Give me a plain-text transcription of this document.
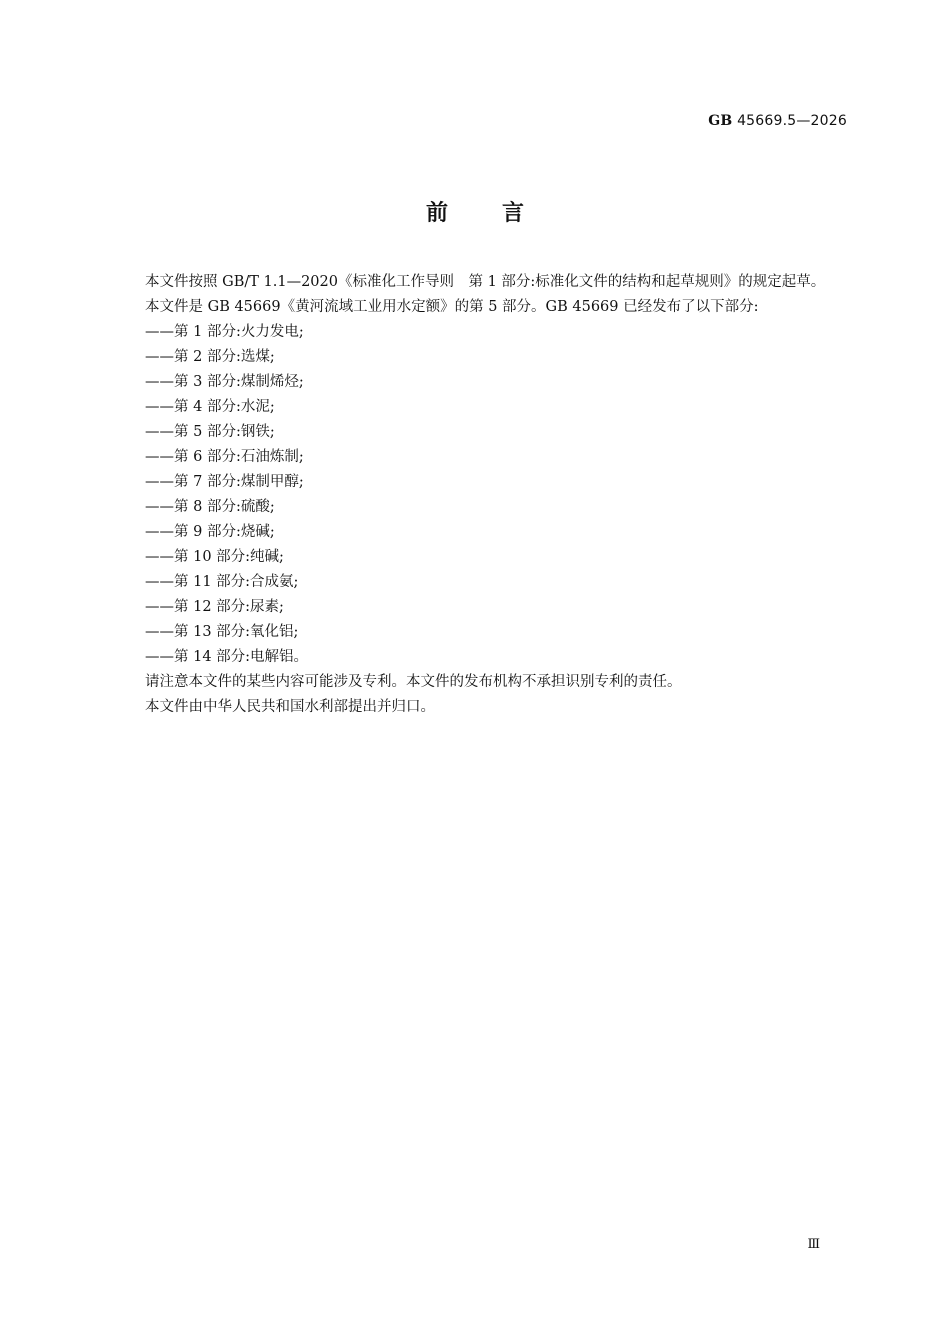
GB 45669.5—2026
前 言

本文件按照 GB/T 1.1—2020《标准化工作导则　第 1 部分:标准化文件的结构和起草规则》的规定起草。

本文件是 GB 45669《黄河流域工业用水定额》的第 5 部分。GB 45669 已经发布了以下部分:

——第 1 部分:火力发电;

——第 2 部分:选煤;

——第 3 部分:煤制烯烃;

——第 4 部分:水泥;

——第 5 部分:钢铁;

——第 6 部分:石油炼制;

——第 7 部分:煤制甲醇;

——第 8 部分:硫酸;

——第 9 部分:烧碱;

——第 10 部分:纯碱;

——第 11 部分:合成氨;

——第 12 部分:尿素;

——第 13 部分:氧化铝;

——第 14 部分:电解铝。

请注意本文件的某些内容可能涉及专利。本文件的发布机构不承担识别专利的责任。

本文件由中华人民共和国水利部提出并归口。

Ⅲ
